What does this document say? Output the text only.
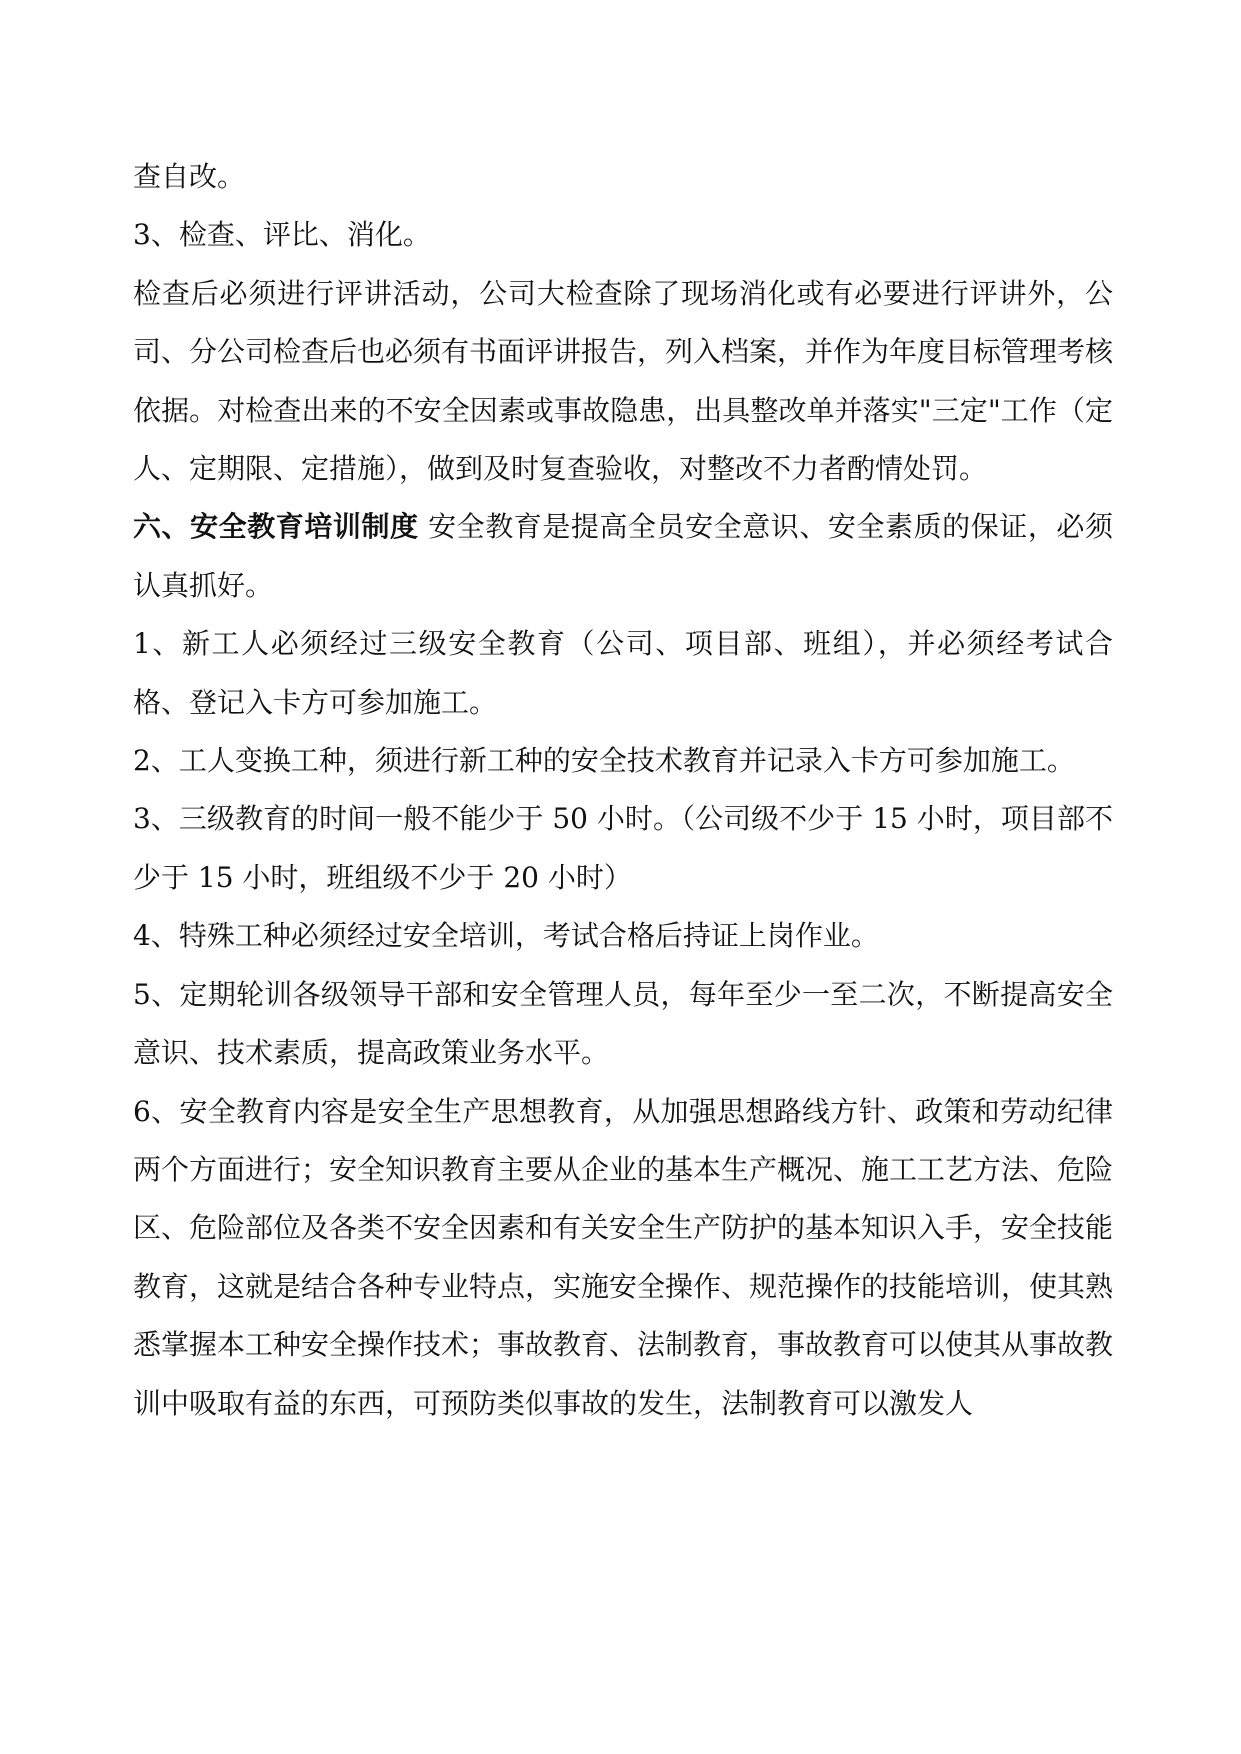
查自改。

3、检查、评比、消化。

检查后必须进行评讲活动，公司大检查除了现场消化或有必要进行评讲外，公司、分公司检查后也必须有书面评讲报告，列入档案，并作为年度目标管理考核依据。对检查出来的不安全因素或事故隐患，出具整改单并落实"三定"工作（定人、定期限、定措施），做到及时复查验收，对整改不力者酌情处罚。

六、安全教育培训制度 安全教育是提高全员安全意识、安全素质的保证，必须认真抓好。

1、新工人必须经过三级安全教育（公司、项目部、班组），并必须经考试合格、登记入卡方可参加施工。

2、工人变换工种，须进行新工种的安全技术教育并记录入卡方可参加施工。

3、三级教育的时间一般不能少于 50 小时。（公司级不少于 15 小时，项目部不少于 15 小时，班组级不少于 20 小时）

4、特殊工种必须经过安全培训，考试合格后持证上岗作业。

5、定期轮训各级领导干部和安全管理人员，每年至少一至二次，不断提高安全意识、技术素质，提高政策业务水平。

6、安全教育内容是安全生产思想教育，从加强思想路线方针、政策和劳动纪律两个方面进行；安全知识教育主要从企业的基本生产概况、施工工艺方法、危险区、危险部位及各类不安全因素和有关安全生产防护的基本知识入手，安全技能教育，这就是结合各种专业特点，实施安全操作、规范操作的技能培训，使其熟悉掌握本工种安全操作技术；事故教育、法制教育，事故教育可以使其从事故教训中吸取有益的东西，可预防类似事故的发生，法制教育可以激发人
